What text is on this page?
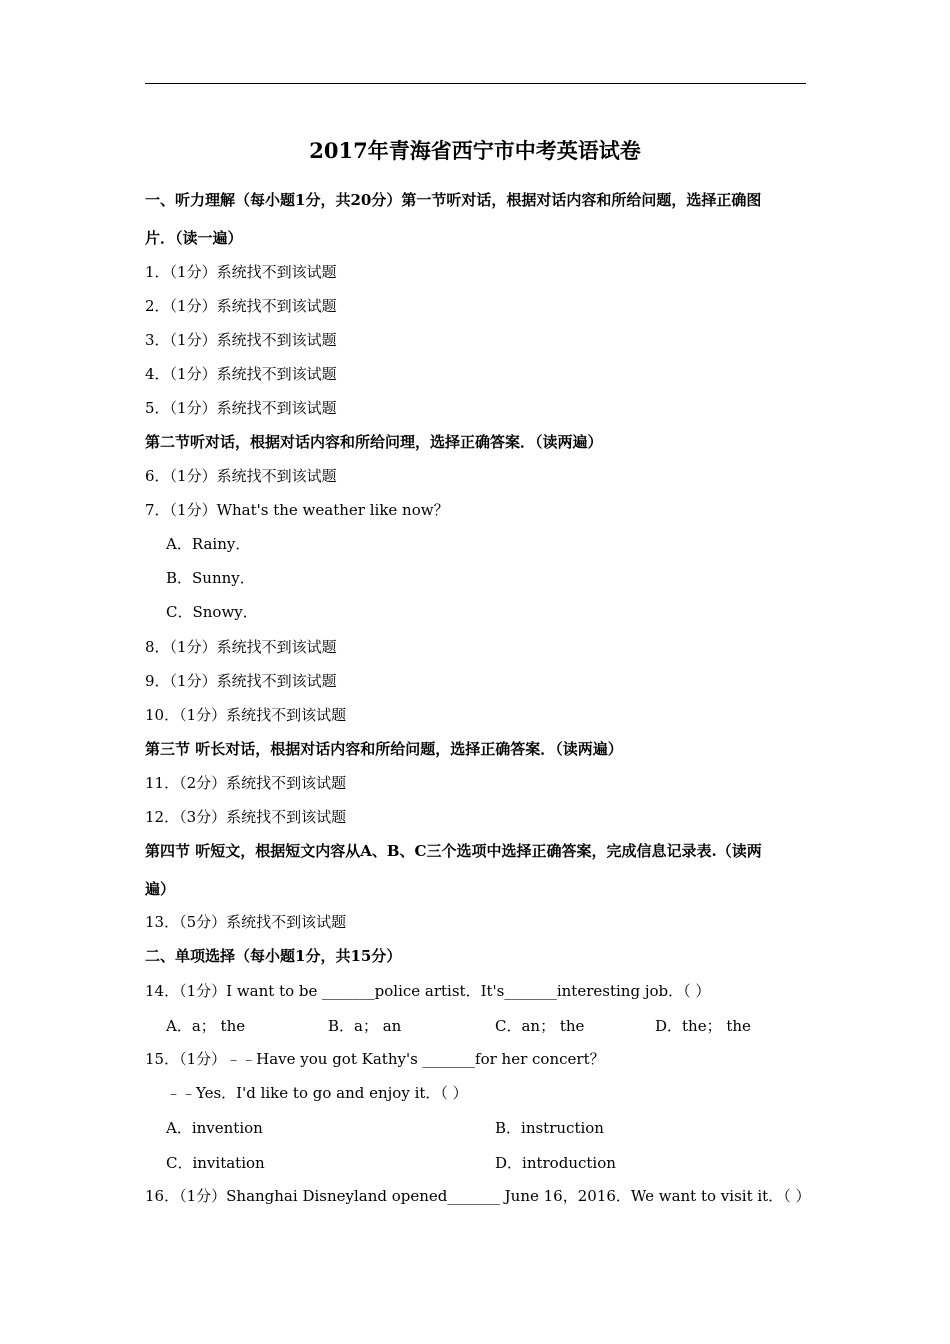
2017年青海省西宁市中考英语试卷
一、听力理解（每小题1分，共20分）第一节听对话，根据对话内容和所给问题，选择正确图
片．（读一遍）
1．（1分）系统找不到该试题
2．（1分）系统找不到该试题
3．（1分）系统找不到该试题
4．（1分）系统找不到该试题
5．（1分）系统找不到该试题
第二节听对话，根据对话内容和所给问理，选择正确答案．（读两遍）
6．（1分）系统找不到该试题
7．（1分）What's the weather like now？
A．Rainy．
B．Sunny．
C．Snowy．
8．（1分）系统找不到该试题
9．（1分）系统找不到该试题
10．（1分）系统找不到该试题
第三节 听长对话，根据对话内容和所给问题，选择正确答案．（读两遍）
11．（2分）系统找不到该试题
12．（3分）系统找不到该试题
第四节 听短文，根据短文内容从A、B、C三个选项中选择正确答案，完成信息记录表.（读两
遍）
13．（5分）系统找不到该试题
二、单项选择（每小题1分，共15分）
14．（1分）I want to be _______police artist．It's_______interesting job．（ ）
A．a； the	B．a； an	C．an； the	D．the； the
15．（1分）﹣﹣Have you got Kathy's _______for her concert？
﹣﹣Yes．I'd like to go and enjoy it．（ ）
A．invention	B．instruction
C．invitation	D．introduction
16．（1分）Shanghai Disneyland opened_______ June 16，2016．We want to visit it．（ ）
